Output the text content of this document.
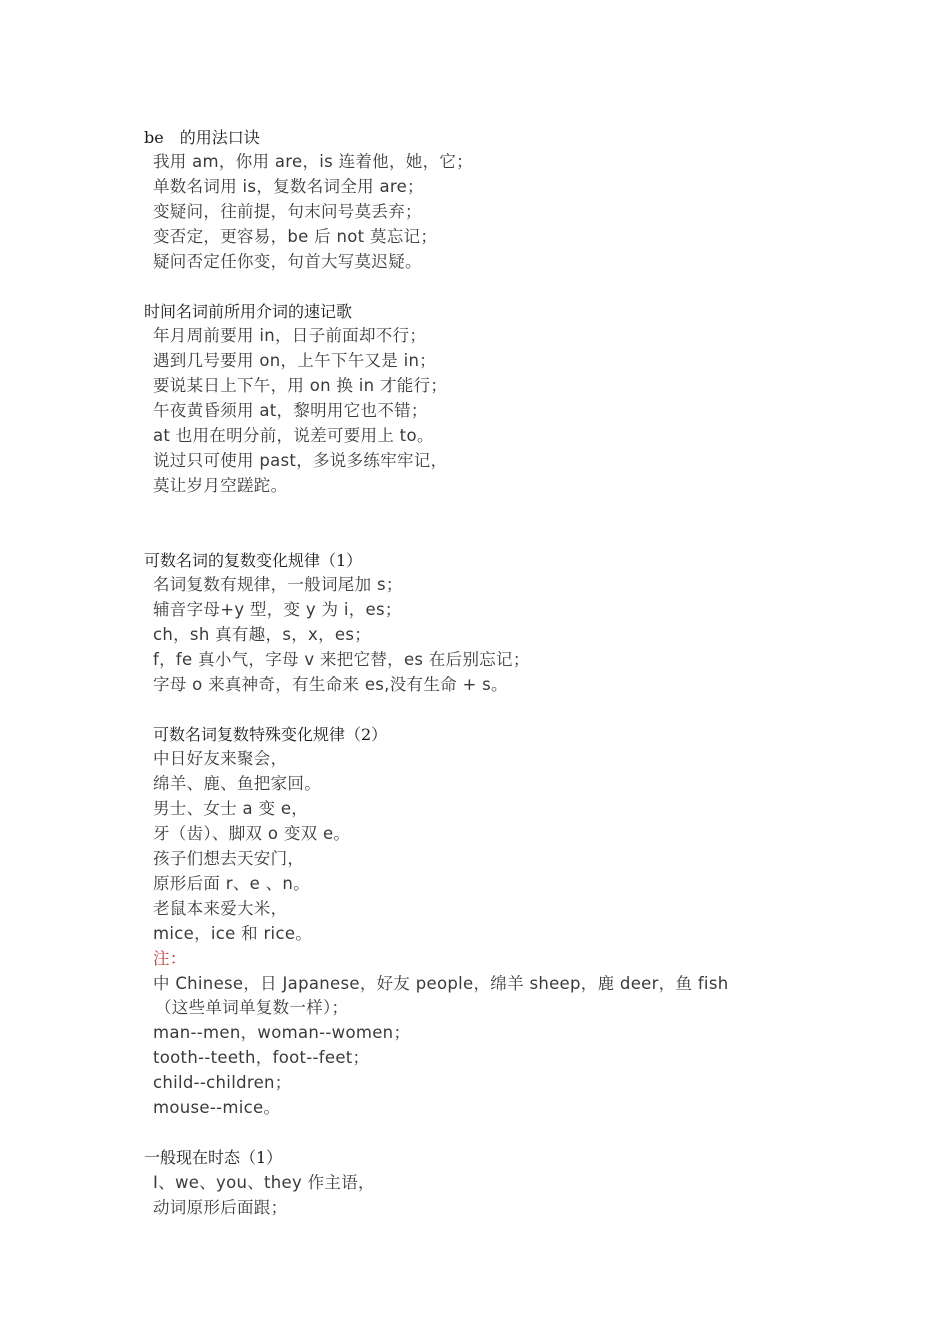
be　的用法口诀
我用 am，你用 are，is 连着他，她，它；
单数名词用 is，复数名词全用 are；
变疑问，往前提，句末问号莫丢弃；
变否定，更容易，be 后 not 莫忘记；
疑问否定任你变，句首大写莫迟疑。
时间名词前所用介词的速记歌
年月周前要用 in，日子前面却不行；
遇到几号要用 on，上午下午又是 in；
要说某日上下午，用 on 换 in 才能行；
午夜黄昏须用 at，黎明用它也不错；
at 也用在明分前，说差可要用上 to。
说过只可使用 past，多说多练牢牢记，
莫让岁月空蹉跎。
可数名词的复数变化规律（1）
名词复数有规律，一般词尾加 s；
辅音字母+y 型，变 y 为 i，es；
ch，sh 真有趣，s，x，es；
f，fe 真小气，字母 v 来把它替，es 在后别忘记；
字母 o 来真神奇，有生命来 es,没有生命 + s。
可数名词复数特殊变化规律（2）
中日好友来聚会，
绵羊、鹿、鱼把家回。
男士、女士 a 变 e，
牙（齿）、脚双 o 变双 e。
孩子们想去天安门，
原形后面 r、e 、n。
老鼠本来爱大米，
mice，ice 和 rice。
注：
中 Chinese，日 Japanese，好友 people，绵羊 sheep，鹿 deer，鱼 fish
（这些单词单复数一样）；
man--men，woman--women；
tooth--teeth，foot--feet；
child--children；
mouse--mice。
一般现在时态（1）
I、we、you、they 作主语，
动词原形后面跟；
